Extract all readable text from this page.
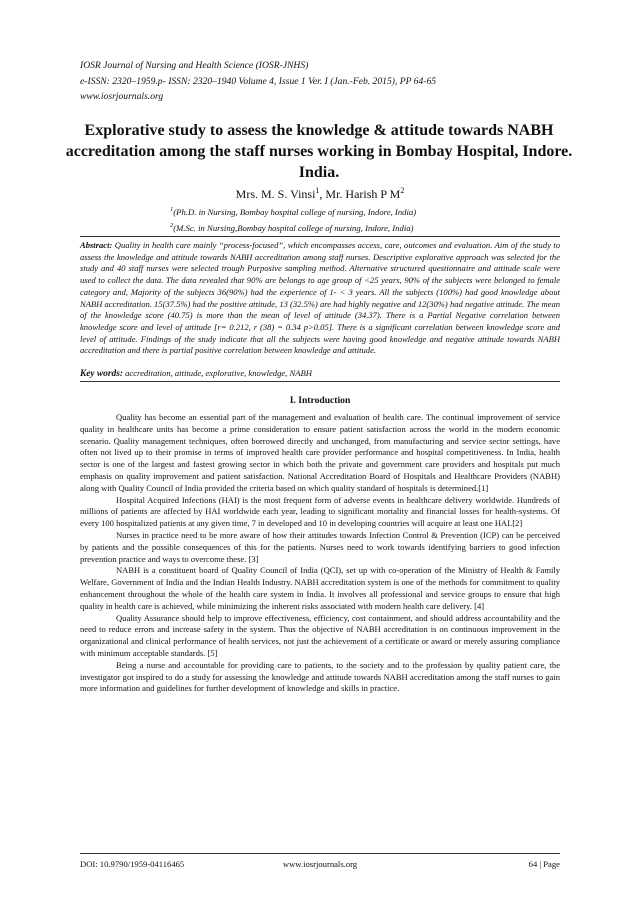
IOSR Journal of Nursing and Health Science (IOSR-JNHS)
e-ISSN: 2320–1959.p- ISSN: 2320–1940 Volume 4, Issue 1 Ver. I (Jan.-Feb. 2015), PP 64-65
www.iosrjournals.org
Explorative study to assess the knowledge & attitude towards NABH accreditation among the staff nurses working in Bombay Hospital, Indore. India.
Mrs. M. S. Vinsi$^1$, Mr. Harish P $M^2$
$^1$(Ph.D. in Nursing, Bombay hospital college of nursing, Indore, India)
$^2$(M.Sc. in Nursing,Bombay hospital college of nursing, Indore, India)
Abstract: Quality in health care mainly “process-focused”, which encompasses access, care, outcomes and evaluation. Aim of the study to assess the knowledge and attitude towards NABH accreditation among staff nurses. Descriptive explorative approach was selected for the study and 40 staff nurses were selected trough Purposive sampling method. Alternative structured questionnaire and attitude scale were used to collect the data. The data revealed that 90% are belongs to age group of <25 years, 90% of the subjects were belonged to female category and, Majority of the subjects 36(90%) had the experience of 1- < 3 years. All the subjects (100%) had good knowledge about NABH accreditation. 15(37.5%) had the positive attitude, 13 (32.5%) are had highly negative and 12(30%) had negative attitude. The mean of the knowledge score (40.75) is more than the mean of level of attitude (34.37). There is a Partial Negative correlation between knowledge score and level of attitude [r= 0.212, r (38) = 0.34 p>0.05]. There is a significant correlation between knowledge score and level of attitude. Findings of the study indicate that all the subjects were having good knowledge and negative attitude towards NABH accreditation and there is partial positive correlation between knowledge and attitude.
Key words: accreditation, attitude, explorative, knowledge, NABH
I. Introduction

Quality has become an essential part of the management and evaluation of health care. The continual improvement of service quality in healthcare units has become a prime consideration to ensure patient satisfaction across the world in the modern economic scenario. Quality management techniques, often borrowed directly and unchanged, from manufacturing and service sector settings, have often not lived up to their promise in terms of improved health care provider performance and hospital competitiveness. In India, health sector is one of the largest and fastest growing sector in which both the private and government care providers and hospitals put much emphasis on quality improvement and patient satisfaction. National Accreditation Board of Hospitals and Healthcare Providers (NABH) along with Quality Council of India provided the criteria based on which quality standard of hospitals is determined.[1]

Hospital Acquired Infections (HAI) is the most frequent form of adverse events in healthcare delivery worldwide. Hundreds of millions of patients are affected by HAI worldwide each year, leading to significant mortality and financial losses for health-systems. Of every 100 hospitalized patients at any given time, 7 in developed and 10 in developing countries will acquire at least one HAI.[2]

Nurses in practice need to be more aware of how their attitudes towards Infection Control & Prevention (ICP) can be perceived by patients and the possible consequences of this for the patients. Nurses need to work towards identifying barriers to good infection prevention practice and ways to overcome these. [3]

NABH is a constituent board of Quality Council of India (QCI), set up with co-operation of the Ministry of Health & Family Welfare, Government of India and the Indian Health Industry. NABH accreditation system is one of the methods for commitment to quality enhancement throughout the whole of the health care system in India. It involves all professional and service groups to ensure that high quality in health care is achieved, while minimizing the inherent risks associated with modern health care delivery. [4]

Quality Assurance should help to improve effectiveness, efficiency, cost containment, and should address accountability and the need to reduce errors and increase safety in the system. Thus the objective of NABH accreditation is on continuous improvement in the organizational and clinical performance of health services, not just the achievement of a certificate or award or merely assuring compliance with minimum acceptable standards. [5]

Being a nurse and accountable for providing care to patients, to the society and to the profession by quality patient care, the investigator got inspired to do a study for assessing the knowledge and attitude towards NABH accreditation among the staff nurses to gain more information and guidelines for further development of knowledge and skills in practice.

DOI: 10.9790/1959-04116465	www.iosrjournals.org	64 | Page
